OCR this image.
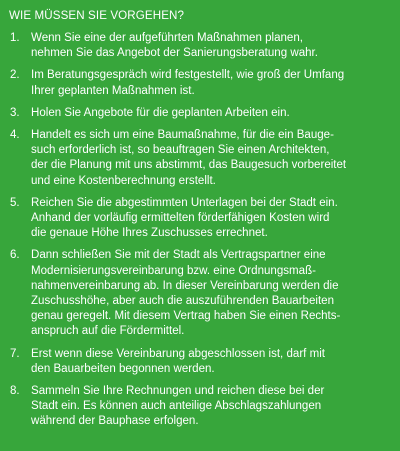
WIE MÜSSEN SIE VORGEHEN?
1. Wenn Sie eine der aufgeführten Maßnahmen planen,
nehmen Sie das Angebot der Sanierungsberatung wahr.
2. Im Beratungsgespräch wird festgestellt, wie groß der Umfang
Ihrer geplanten Maßnahmen ist.
3. Holen Sie Angebote für die geplanten Arbeiten ein.
4. Handelt es sich um eine Baumaßnahme, für die ein Bauge-
such erforderlich ist, so beauftragen Sie einen Architekten,
der die Planung mit uns abstimmt, das Baugesuch vorbereitet
und eine Kostenberechnung erstellt.
5. Reichen Sie die abgestimmten Unterlagen bei der Stadt ein.
Anhand der vorläufig ermittelten förderfähigen Kosten wird
die genaue Höhe Ihres Zuschusses errechnet.
6. Dann schließen Sie mit der Stadt als Vertragspartner eine
Modernisierungsvereinbarung bzw. eine Ordnungsmaß-
nahmenvereinbarung ab. In dieser Vereinbarung werden die
Zuschusshöhe, aber auch die auszuführenden Bauarbeiten
genau geregelt. Mit diesem Vertrag haben Sie einen Rechts-
anspruch auf die Fördermittel.
7. Erst wenn diese Vereinbarung abgeschlossen ist, darf mit
den Bauarbeiten begonnen werden.
8. Sammeln Sie Ihre Rechnungen und reichen diese bei der
Stadt ein. Es können auch anteilige Abschlagszahlungen
während der Bauphase erfolgen.
